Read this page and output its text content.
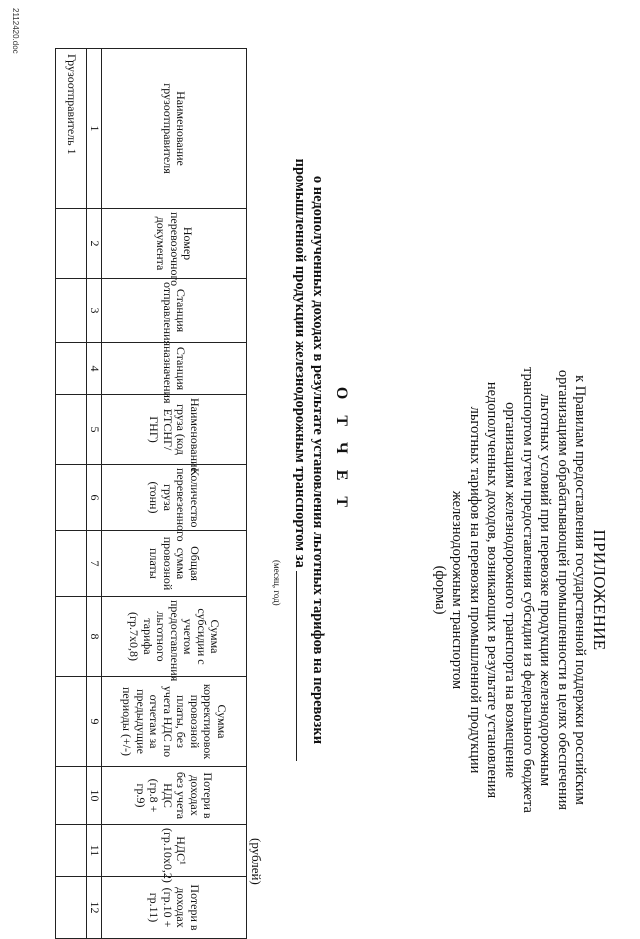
ПРИЛОЖЕНИЕ
к Правилам предоставления государственной поддержки российским организациям обрабатывающей промышленности в целях обеспечения льготных условий при перевозке продукции железнодорожным транспортом путем предоставления субсидии из федерального бюджета организациям железнодорожного транспорта на возмещение недополученных доходов, возникающих в результате установления льготных тарифов на перевозки промышленной продукции железнодорожным транспортом
(форма)
О Т Ч Е Т
о недополученных доходах в результате установления льготных тарифов на перевозки
промышленной продукции железнодорожным транспортом за
(месяц, год)
(рублей)
Наименование грузоотправителя	Номер перевозочного документа	Станция отправления	Станция назначения	Наименование груза (код ЕТСНГ/ГНГ)	Количество перевезенного груза (тонн)	Общая сумма провозной платы	Сумма субсидии с учетом предоставления льготного тарифа (гр.7х0,8)	Сумма корректировок провозной платы, без учета НДС по отчетам за предыдущие периоды (+/-)	Потери в доходах без учета НДС (гр.8 + гр.9)	НДС¹ (гр.10х0,2)	Потери в доходах (гр.10 + гр.11)
1	2	3	4	5	6	7	8	9	10	11	12
Грузоотправитель 1											
2112420.doc
